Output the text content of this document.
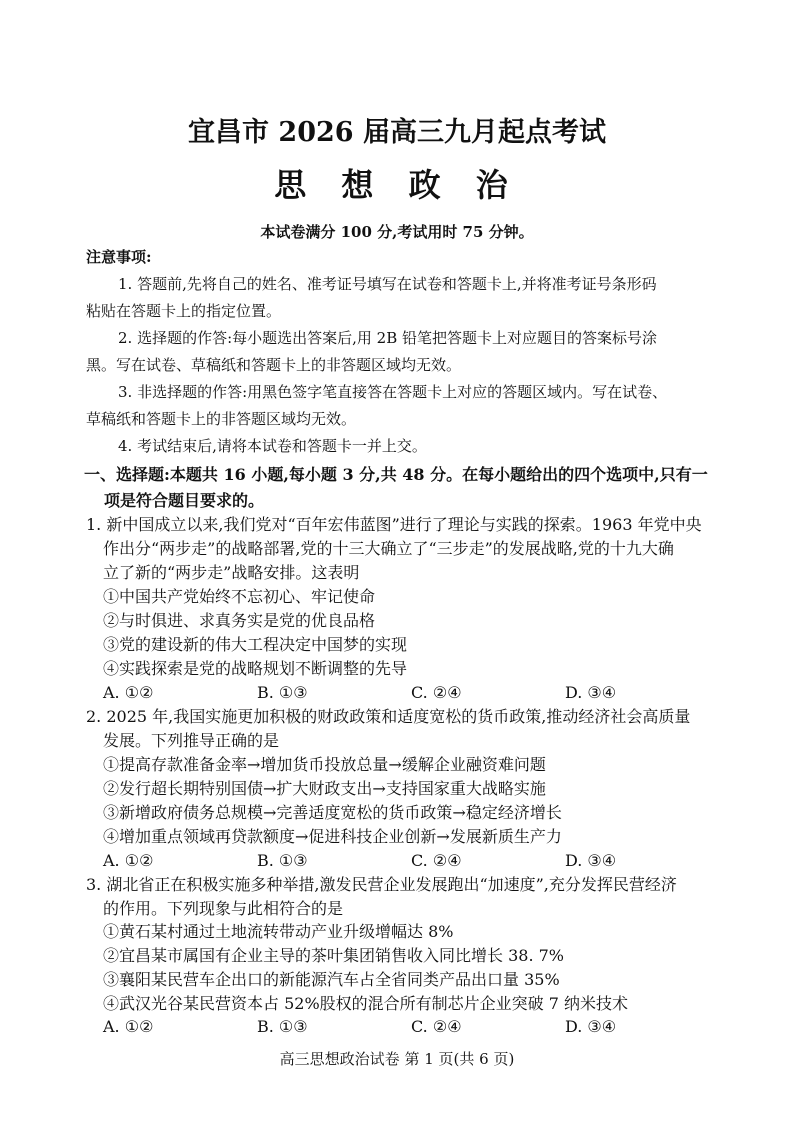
宜昌市 2026 届高三九月起点考试
思 想 政 治
本试卷满分 100 分,考试用时 75 分钟。
注意事项:
1. 答题前,先将自己的姓名、准考证号填写在试卷和答题卡上,并将准考证号条形码
粘贴在答题卡上的指定位置。
2. 选择题的作答:每小题选出答案后,用 2B 铅笔把答题卡上对应题目的答案标号涂
黑。写在试卷、草稿纸和答题卡上的非答题区域均无效。
3. 非选择题的作答:用黑色签字笔直接答在答题卡上对应的答题区域内。写在试卷、
草稿纸和答题卡上的非答题区域均无效。
4. 考试结束后,请将本试卷和答题卡一并上交。
一、选择题:本题共 16 小题,每小题 3 分,共 48 分。在每小题给出的四个选项中,只有一
项是符合题目要求的。
1. 新中国成立以来,我们党对“百年宏伟蓝图”进行了理论与实践的探索。1963 年党中央
作出分“两步走”的战略部署,党的十三大确立了“三步走”的发展战略,党的十九大确
立了新的“两步走”战略安排。这表明
①中国共产党始终不忘初心、牢记使命
②与时俱进、求真务实是党的优良品格
③党的建设新的伟大工程决定中国梦的实现
④实践探索是党的战略规划不断调整的先导
A. ①②	B. ①③	C. ②④	D. ③④
2. 2025 年,我国实施更加积极的财政政策和适度宽松的货币政策,推动经济社会高质量
发展。下列推导正确的是
①提高存款准备金率→增加货币投放总量→缓解企业融资难问题
②发行超长期特别国债→扩大财政支出→支持国家重大战略实施
③新增政府债务总规模→完善适度宽松的货币政策→稳定经济增长
④增加重点领域再贷款额度→促进科技企业创新→发展新质生产力
A. ①②	B. ①③	C. ②④	D. ③④
3. 湖北省正在积极实施多种举措,激发民营企业发展跑出“加速度”,充分发挥民营经济
的作用。下列现象与此相符合的是
①黄石某村通过土地流转带动产业升级增幅达 8%
②宜昌某市属国有企业主导的茶叶集团销售收入同比增长 38. 7%
③襄阳某民营车企出口的新能源汽车占全省同类产品出口量 35%
④武汉光谷某民营资本占 52%股权的混合所有制芯片企业突破 7 纳米技术
高三思想政治试卷 第 1 页(共 6 页)
A. ①②	B. ①③	C. ②④	D. ③④
